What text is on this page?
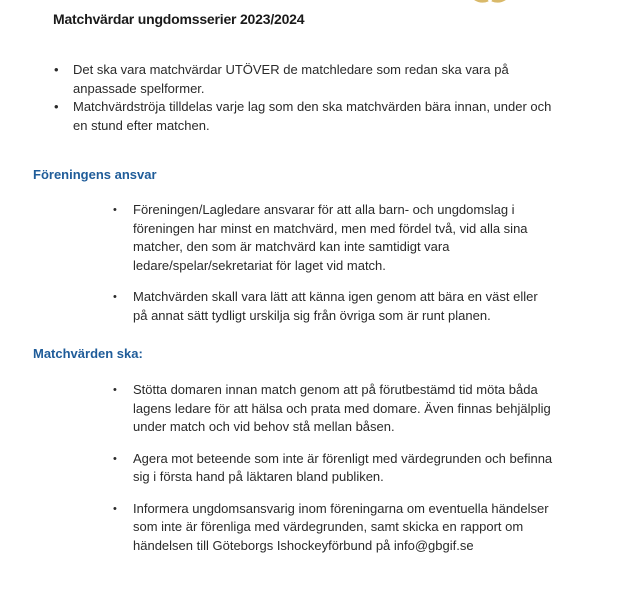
Matchvärdar ungdomsserier 2023/2024
• Det ska vara matchvärdar UTÖVER de matchledare som redan ska vara på anpassade spelformer.
• Matchvärdströja tilldelas varje lag som den ska matchvärden bära innan, under och en stund efter matchen.
Föreningens ansvar
• Föreningen/Lagledare ansvarar för att alla barn- och ungdomslag i föreningen har minst en matchvärd, men med fördel två, vid alla sina matcher, den som är matchvärd kan inte samtidigt vara ledare/spelar/sekretariat för laget vid match.
• Matchvärden skall vara lätt att känna igen genom att bära en väst eller på annat sätt tydligt urskilja sig från övriga som är runt planen.
Matchvärden ska:
• Stötta domaren innan match genom att på förutbestämd tid möta båda lagens ledare för att hälsa och prata med domare. Även finnas behjälplig under match och vid behov stå mellan båsen.
• Agera mot beteende som inte är förenligt med värdegrunden och befinna sig i första hand på läktaren bland publiken.
• Informera ungdomsansvarig inom föreningarna om eventuella händelser som inte är förenliga med värdegrunden, samt skicka en rapport om händelsen till Göteborgs Ishockeyförbund på info@gbgif.se
